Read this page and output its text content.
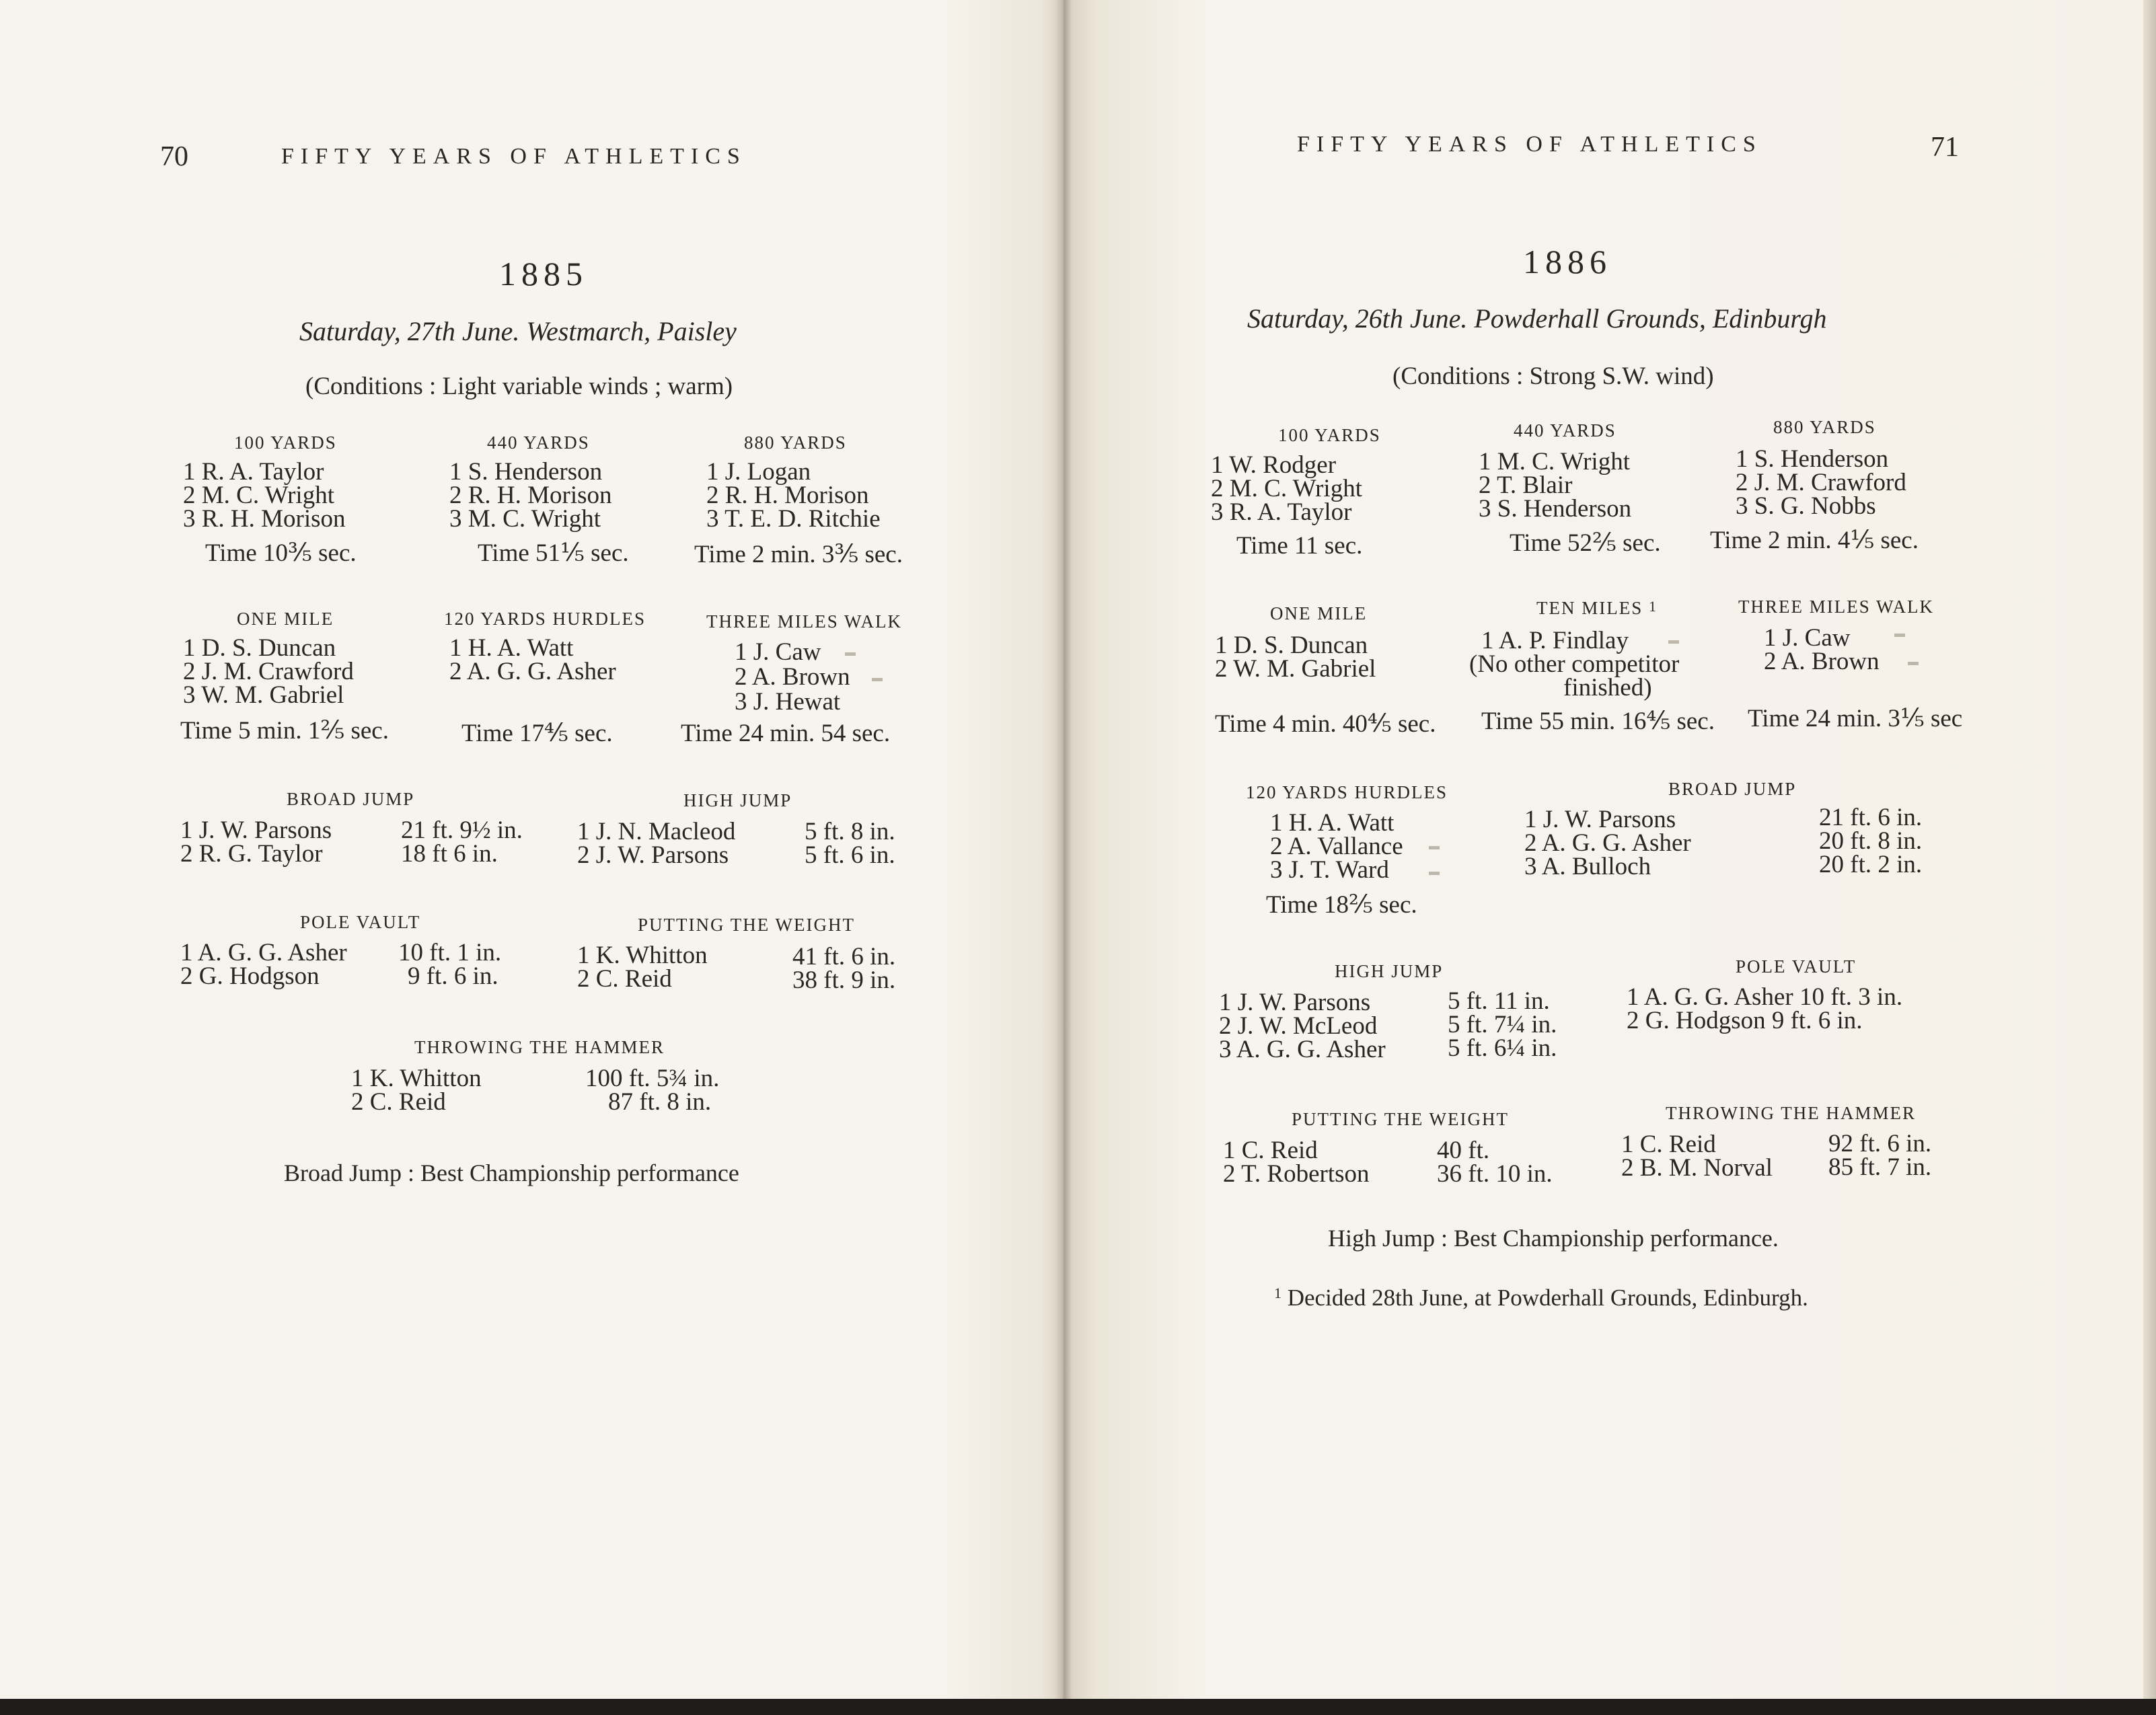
70	FIFTY YEARS OF ATHLETICS
1885
Saturday, 27th June. Westmarch, Paisley
(Conditions : Light variable winds ; warm)
100 YARDS
1 R. A. Taylor
2 M. C. Wright
3 R. H. Morison
Time 10⅗ sec.
440 YARDS
1 S. Henderson
2 R. H. Morison
3 M. C. Wright
Time 51⅕ sec.
880 YARDS
1 J. Logan
2 R. H. Morison
3 T. E. D. Ritchie
Time 2 min. 3⅗ sec.
ONE MILE
1 D. S. Duncan
2 J. M. Crawford
3 W. M. Gabriel
Time 5 min. 1⅖ sec.
120 YARDS HURDLES
1 H. A. Watt
2 A. G. G. Asher
Time 17⅘ sec.
THREE MILES WALK
1 J. Caw
2 A. Brown
3 J. Hewat
Time 24 min. 54 sec.
BROAD JUMP
1 J. W. Parsons	21 ft. 9½ in.
2 R. G. Taylor	18 ft 6 in.
HIGH JUMP
1 J. N. Macleod	5 ft. 8 in.
2 J. W. Parsons	5 ft. 6 in.
POLE VAULT
1 A. G. G. Asher 10 ft. 1 in.
2 G. Hodgson	9 ft. 6 in.
PUTTING THE WEIGHT
1 K. Whitton	41 ft. 6 in.
2 C. Reid	38 ft. 9 in.
THROWING THE HAMMER
1 K. Whitton	100 ft. 5¾ in.
2 C. Reid	87 ft. 8 in.
Broad Jump : Best Championship performance
FIFTY YEARS OF ATHLETICS	71
1886
Saturday, 26th June. Powderhall Grounds, Edinburgh
(Conditions : Strong S.W. wind)
100 YARDS
1 W. Rodger
2 M. C. Wright
3 R. A. Taylor
Time 11 sec.
440 YARDS
1 M. C. Wright
2 T. Blair
3 S. Henderson
Time 52⅖ sec.
880 YARDS
1 S. Henderson
2 J. M. Crawford
3 S. G. Nobbs
Time 2 min. 4⅕ sec.
ONE MILE
1 D. S. Duncan
2 W. M. Gabriel
Time 4 min. 40⅘ sec.
TEN MILES $^1$
1 A. P. Findlay
(No other competitor
finished)
Time 55 min. 16⅘ sec.
THREE MILES WALK
1 J. Caw
2 A. Brown
Time 24 min. 3⅕ sec
120 YARDS HURDLES
1 H. A. Watt
2 A. Vallance
3 J. T. Ward
Time 18⅖ sec.
BROAD JUMP
1 J. W. Parsons	21 ft. 6 in.
2 A. G. G. Asher	20 ft. 8 in.
3 A. Bulloch	20 ft. 2 in.
HIGH JUMP
1 J. W. Parsons	5 ft. 11 in.
2 J. W. McLeod	5 ft. 7¼ in.
3 A. G. G. Asher 5 ft. 6¼ in.
POLE VAULT
1 A. G. G. Asher 10 ft. 3 in.
2 G. Hodgson 9 ft. 6 in.
PUTTING THE WEIGHT
1 C. Reid	40 ft.
2 T. Robertson	36 ft. 10 in.
THROWING THE HAMMER
1 C. Reid	92 ft. 6 in.
2 B. M. Norval 85 ft. 7 in.
High Jump : Best Championship performance.
$^1$ Decided 28th June, at Powderhall Grounds, Edinburgh.
